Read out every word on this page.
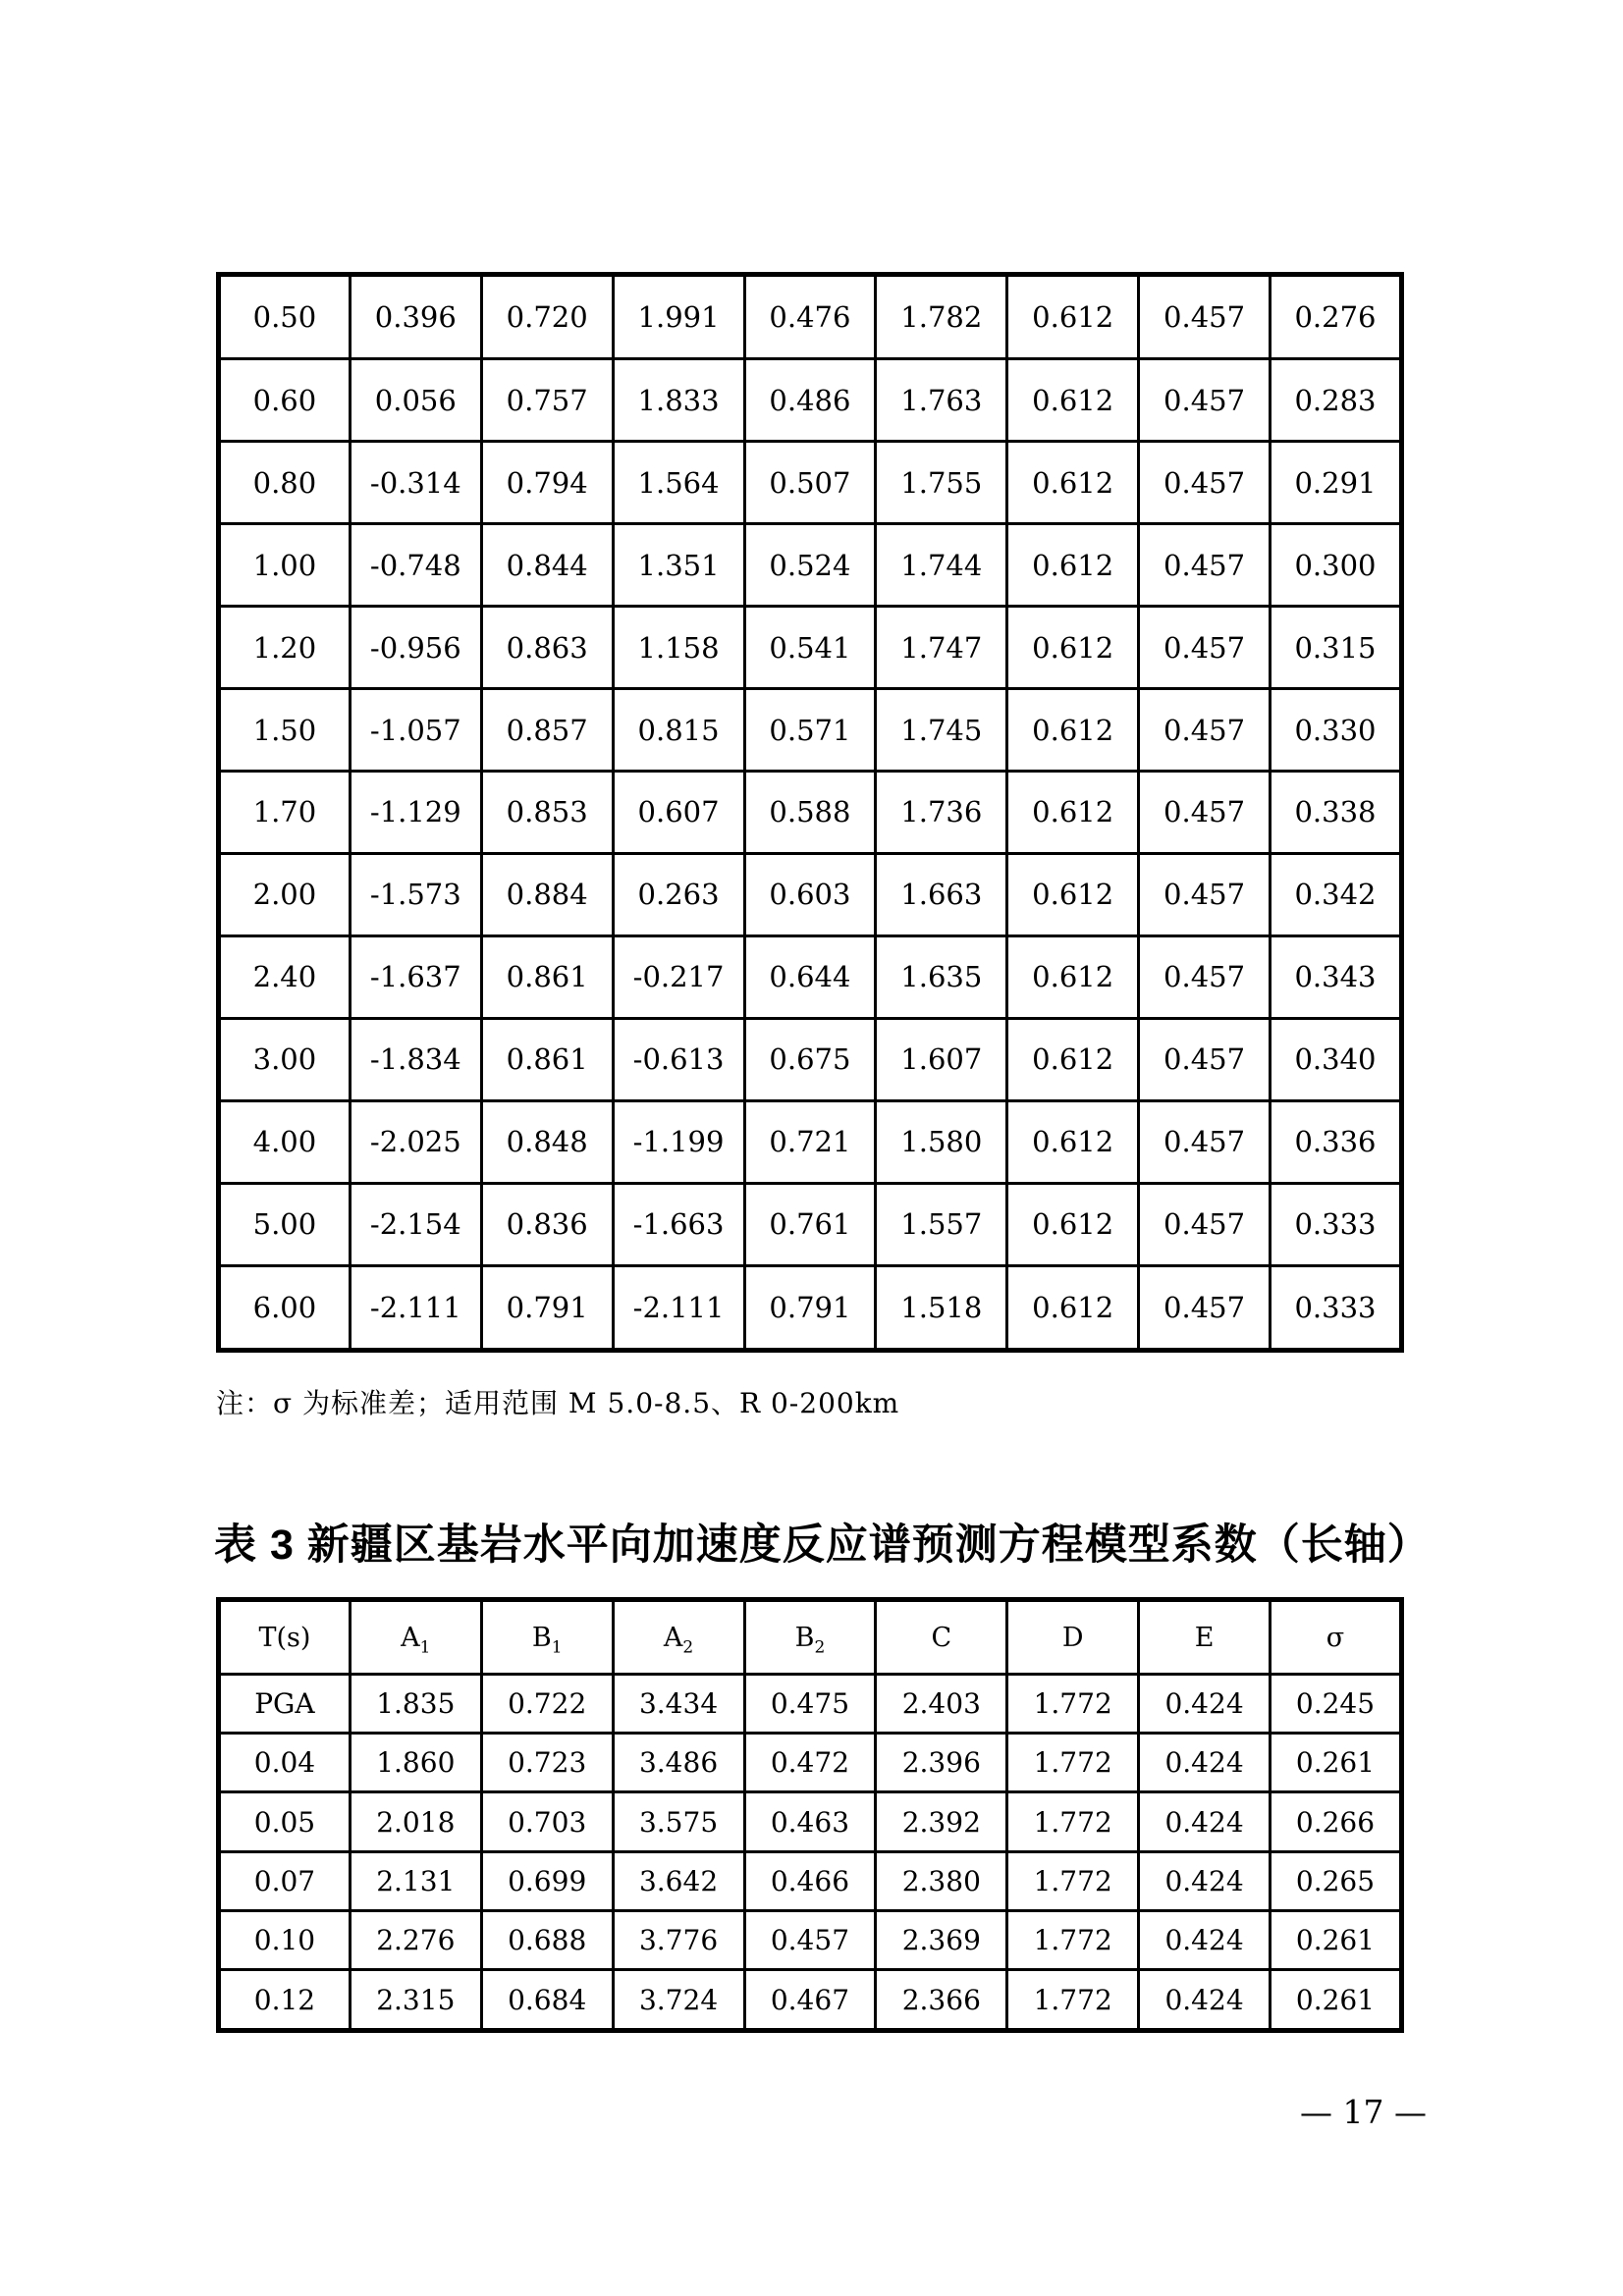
0.50	0.396	0.720	1.991	0.476	1.782	0.612	0.457	0.276
0.60	0.056	0.757	1.833	0.486	1.763	0.612	0.457	0.283
0.80	-0.314	0.794	1.564	0.507	1.755	0.612	0.457	0.291
1.00	-0.748	0.844	1.351	0.524	1.744	0.612	0.457	0.300
1.20	-0.956	0.863	1.158	0.541	1.747	0.612	0.457	0.315
1.50	-1.057	0.857	0.815	0.571	1.745	0.612	0.457	0.330
1.70	-1.129	0.853	0.607	0.588	1.736	0.612	0.457	0.338
2.00	-1.573	0.884	0.263	0.603	1.663	0.612	0.457	0.342
2.40	-1.637	0.861	-0.217	0.644	1.635	0.612	0.457	0.343
3.00	-1.834	0.861	-0.613	0.675	1.607	0.612	0.457	0.340
4.00	-2.025	0.848	-1.199	0.721	1.580	0.612	0.457	0.336
5.00	-2.154	0.836	-1.663	0.761	1.557	0.612	0.457	0.333
6.00	-2.111	0.791	-2.111	0.791	1.518	0.612	0.457	0.333
注：σ 为标准差；适用范围 M 5.0-8.5、R 0-200km
表 3 新疆区基岩水平向加速度反应谱预测方程模型系数（长轴）
T(s)	$A_1$	$B_1$	$A_2$	$B_2$	C	D	E	σ
PGA	1.835	0.722	3.434	0.475	2.403	1.772	0.424	0.245
0.04	1.860	0.723	3.486	0.472	2.396	1.772	0.424	0.261
0.05	2.018	0.703	3.575	0.463	2.392	1.772	0.424	0.266
0.07	2.131	0.699	3.642	0.466	2.380	1.772	0.424	0.265
0.10	2.276	0.688	3.776	0.457	2.369	1.772	0.424	0.261
0.12	2.315	0.684	3.724	0.467	2.366	1.772	0.424	0.261
— 17 —
